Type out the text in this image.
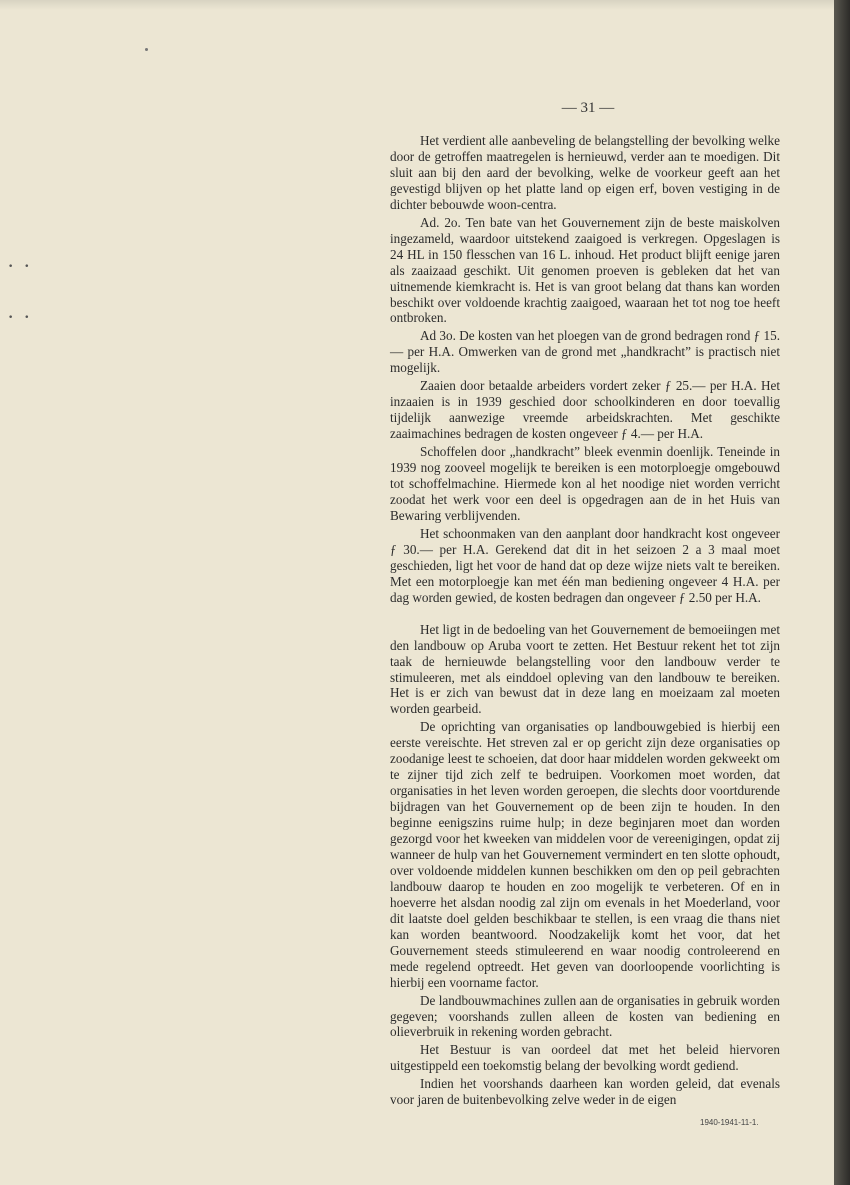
• •
• •
— 31 —

Het verdient alle aanbeveling de belangstelling der bevolking welke door de getroffen maatregelen is hernieuwd, verder aan te moedigen. Dit sluit aan bij den aard der bevolking, welke de voorkeur geeft aan het gevestigd blijven op het platte land op eigen erf, boven vestiging in de dichter bebouwde woon-centra.

Ad. 2o. Ten bate van het Gouvernement zijn de beste maiskolven ingezameld, waardoor uitstekend zaaigoed is verkregen. Opgeslagen is 24 HL in 150 flesschen van 16 L. inhoud. Het product blijft eenige jaren als zaaizaad geschikt. Uit genomen proeven is gebleken dat het van uitnemende kiemkracht is. Het is van groot belang dat thans kan worden beschikt over voldoende krachtig zaaigoed, waaraan het tot nog toe heeft ontbroken.

Ad 3o. De kosten van het ploegen van de grond bedragen rond ƒ 15.— per H.A. Omwerken van de grond met „handkracht” is practisch niet mogelijk.

Zaaien door betaalde arbeiders vordert zeker ƒ 25.— per H.A. Het inzaaien is in 1939 geschied door schoolkinderen en door toevallig tijdelijk aanwezige vreemde arbeidskrachten. Met geschikte zaaimachines bedragen de kosten ongeveer ƒ 4.— per H.A.

Schoffelen door „handkracht” bleek evenmin doenlijk. Teneinde in 1939 nog zooveel mogelijk te bereiken is een motorploegje omgebouwd tot schoffelmachine. Hiermede kon al het noodige niet worden verricht zoodat het werk voor een deel is opgedragen aan de in het Huis van Bewaring verblijvenden.

Het schoonmaken van den aanplant door handkracht kost ongeveer ƒ 30.— per H.A. Gerekend dat dit in het seizoen 2 a 3 maal moet geschieden, ligt het voor de hand dat op deze wijze niets valt te bereiken. Met een motorploegje kan met één man bediening ongeveer 4 H.A. per dag worden gewied, de kosten bedragen dan ongeveer ƒ 2.50 per H.A.

Het ligt in de bedoeling van het Gouvernement de bemoeiingen met den landbouw op Aruba voort te zetten. Het Bestuur rekent het tot zijn taak de hernieuwde belangstelling voor den landbouw verder te stimuleeren, met als einddoel opleving van den landbouw te bereiken. Het is er zich van bewust dat in deze lang en moeizaam zal moeten worden gearbeid.

De oprichting van organisaties op landbouwgebied is hierbij een eerste vereischte. Het streven zal er op gericht zijn deze organisaties op zoodanige leest te schoeien, dat door haar middelen worden gekweekt om te zijner tijd zich zelf te bedruipen. Voorkomen moet worden, dat organisaties in het leven worden geroepen, die slechts door voortdurende bijdragen van het Gouvernement op de been zijn te houden. In den beginne eenigszins ruime hulp; in deze beginjaren moet dan worden gezorgd voor het kweeken van middelen voor de vereenigingen, opdat zij wanneer de hulp van het Gouvernement vermindert en ten slotte ophoudt, over voldoende middelen kunnen beschikken om den op peil gebrachten landbouw daarop te houden en zoo mogelijk te verbeteren. Of en in hoeverre het alsdan noodig zal zijn om evenals in het Moederland, voor dit laatste doel gelden beschikbaar te stellen, is een vraag die thans niet kan worden beantwoord. Noodzakelijk komt het voor, dat het Gouvernement steeds stimuleerend en waar noodig controleerend en mede regelend optreedt. Het geven van doorloopende voorlichting is hierbij een voorname factor.

De landbouwmachines zullen aan de organisaties in gebruik worden gegeven; voorshands zullen alleen de kosten van bediening en olieverbruik in rekening worden gebracht.

Het Bestuur is van oordeel dat met het beleid hiervoren uitgestippeld een toekomstig belang der bevolking wordt gediend.

Indien het voorshands daarheen kan worden geleid, dat evenals voor jaren de buitenbevolking zelve weder in de eigen

1940-1941-11-1.
